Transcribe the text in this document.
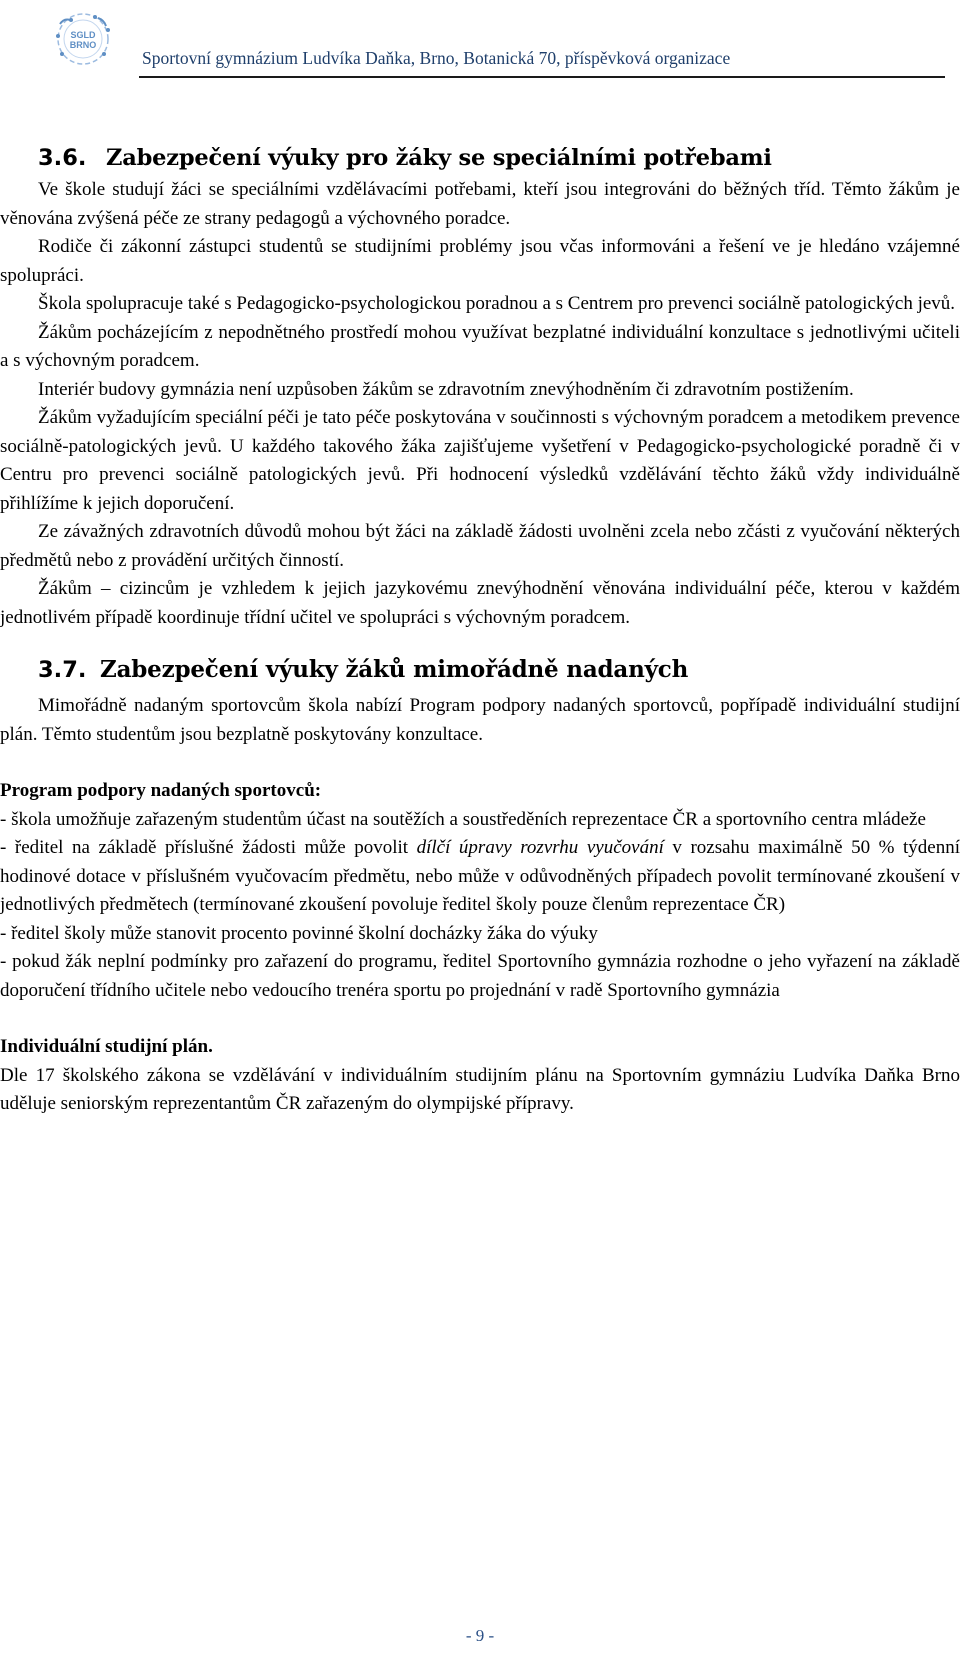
SGLD
BRNO
SGLD BRNO
Sportovní gymnázium Ludvíka Daňka, Brno, Botanická 70, příspěvková organizace
3.6. Zabezpečení výuky pro žáky se speciálními potřebami

Ve škole studují žáci se speciálními vzdělávacími potřebami, kteří jsou integrováni do běžných tříd. Těmto žákům je věnována zvýšená péče ze strany pedagogů a výchovného poradce.

Rodiče či zákonní zástupci studentů se studijními problémy jsou včas informováni a řešení ve je hledáno vzájemné spolupráci.

Škola spolupracuje také s Pedagogicko-psychologickou poradnou a s Centrem pro prevenci sociálně patologických jevů.

Žákům pocházejícím z nepodnětného prostředí mohou využívat bezplatné individuální konzultace s jednotlivými učiteli a s výchovným poradcem.

Interiér budovy gymnázia není uzpůsoben žákům se zdravotním znevýhodněním či zdravotním postižením.

Žákům vyžadujícím speciální péči je tato péče poskytována v součinnosti s výchovným poradcem a metodikem prevence sociálně-patologických jevů. U každého takového žáka zajišťujeme vyšetření v Pedagogicko-psychologické poradně či v Centru pro prevenci sociálně patologických jevů. Při hodnocení výsledků vzdělávání těchto žáků vždy individuálně přihlížíme k jejich doporučení.

Ze závažných zdravotních důvodů mohou být žáci na základě žádosti uvolněni zcela nebo zčásti z vyučování některých předmětů nebo z provádění určitých činností.

Žákům – cizincům je vzhledem k jejich jazykovému znevýhodnění věnována individuální péče, kterou v každém jednotlivém případě koordinuje třídní učitel ve spolupráci s výchovným poradcem.

3.7. Zabezpečení výuky žáků mimořádně nadaných

Mimořádně nadaným sportovcům škola nabízí Program podpory nadaných sportovců, popřípadě individuální studijní plán. Těmto studentům jsou bezplatně poskytovány konzultace.

Program podpory nadaných sportovců:

- škola umožňuje zařazeným studentům účast na soutěžích a soustředěních reprezentace ČR a sportovního centra mládeže

- ředitel na základě příslušné žádosti může povolit dílčí úpravy rozvrhu vyučování v rozsahu maximálně 50 % týdenní hodinové dotace v příslušném vyučovacím předmětu, nebo může v odůvodněných případech povolit termínované zkoušení v jednotlivých předmětech (termínované zkoušení povoluje ředitel školy pouze členům reprezentace ČR)

- ředitel školy může stanovit procento povinné školní docházky žáka do výuky

- pokud žák neplní podmínky pro zařazení do programu, ředitel Sportovního gymnázia rozhodne o jeho vyřazení na základě doporučení třídního učitele nebo vedoucího trenéra sportu po projednání v radě Sportovního gymnázia

Individuální studijní plán.

Dle 17 školského zákona se vzdělávání v individuálním studijním plánu na Sportovním gymnáziu Ludvíka Daňka Brno uděluje seniorským reprezentantům ČR zařazeným do olympijské přípravy.

- 9 -
